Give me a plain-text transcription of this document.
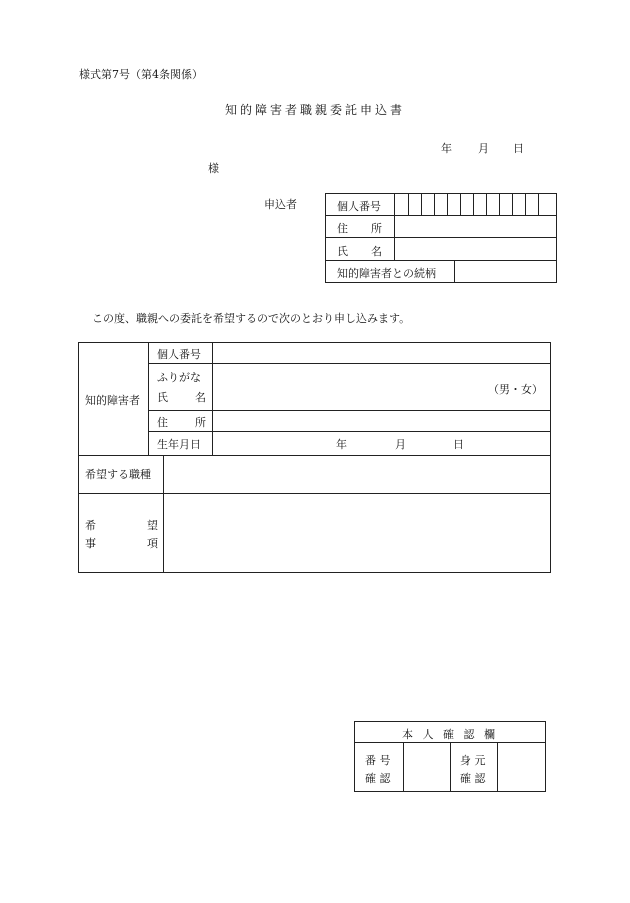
様式第7号（第4条関係）
知的障害者職親委託申込書
年 月 日
様
申込者	個人番号
住 所
氏 名
知的障害者との続柄
この度、職親への委託を希望するので次のとおり申し込みます。
知的障害者
個人番号
ふりがな
氏 名
（男・女）
住 所
生年月日	年	月	日
希望する職種
希	望
事	項
本 人 確 認 欄
番 号
確 認
身 元
確 認
